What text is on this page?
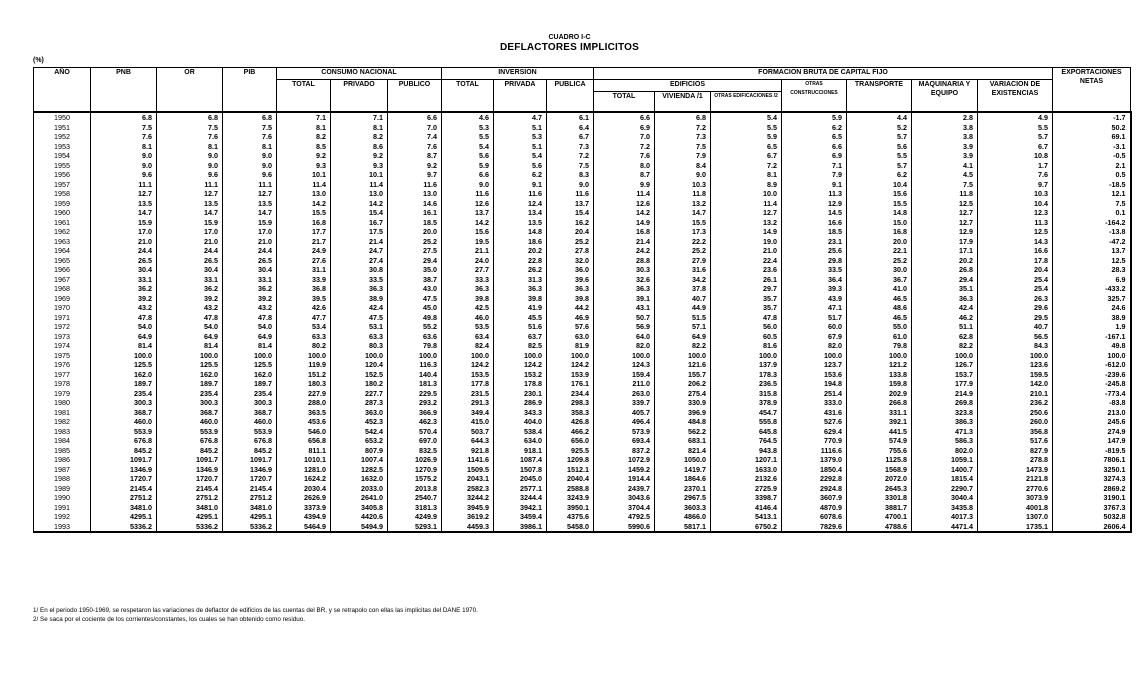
CUADRO I-C
DEFLACTORES IMPLICITOS
(%)
AÑO	PNB	OR	PIB	CONSUMO NACIONAL			INVERSION			FORMACION BRUTA DE CAPITAL FIJO							EXPORTACIONES NETAS
				TOTAL	PRIVADO	PUBLICO	TOTAL	PRIVADA	PUBLICA	EDIFICIOS			OTRAS CONSTRUCCIONES	TRANSPORTE	MAQUINARIA Y EQUIPO	VARIACION DE EXISTENCIAS	
										TOTAL	VIVIENDA /1	OTRAS EDIFICACIONES /2					
1950	6.8	6.8	6.8	7.1	7.1	6.6	4.6	4.7	6.1	6.6	6.8	5.4	5.9	4.4	2.8	4.9	-1.7
1951	7.5	7.5	7.5	8.1	8.1	7.0	5.3	5.1	6.4	6.9	7.2	5.5	6.2	5.2	3.8	5.5	50.2
1952	7.6	7.6	7.6	8.2	8.2	7.4	5.5	5.3	6.7	7.0	7.3	5.9	6.5	5.7	3.8	5.7	69.1
1953	8.1	8.1	8.1	8.5	8.6	7.6	5.4	5.1	7.3	7.2	7.5	6.5	6.6	5.6	3.9	6.7	-3.1
1954	9.0	9.0	9.0	9.2	9.2	8.7	5.6	5.4	7.2	7.6	7.9	6.7	6.9	5.5	3.9	10.8	-0.5
1955	9.0	9.0	9.0	9.3	9.3	9.2	5.9	5.6	7.5	8.0	8.4	7.2	7.1	5.7	4.1	1.7	2.1
1956	9.6	9.6	9.6	10.1	10.1	9.7	6.6	6.2	8.3	8.7	9.0	8.1	7.9	6.2	4.5	7.6	0.5
1957	11.1	11.1	11.1	11.4	11.4	11.6	9.0	9.1	9.0	9.9	10.3	8.9	9.1	10.4	7.5	9.7	-18.5
1958	12.7	12.7	12.7	13.0	13.0	13.0	11.6	11.6	11.6	11.4	11.8	10.0	11.3	15.6	11.8	10.3	12.1
1959	13.5	13.5	13.5	14.2	14.2	14.6	12.6	12.4	13.7	12.6	13.2	11.4	12.9	15.5	12.5	10.4	7.5
1960	14.7	14.7	14.7	15.5	15.4	16.1	13.7	13.4	15.4	14.2	14.7	12.7	14.5	14.8	12.7	12.3	0.1
1961	15.9	15.9	15.9	16.8	16.7	18.5	14.2	13.5	16.2	14.9	15.5	13.2	16.6	15.0	12.7	11.3	-164.2
1962	17.0	17.0	17.0	17.7	17.5	20.0	15.6	14.8	20.4	16.8	17.3	14.9	18.5	16.8	12.9	12.5	-13.8
1963	21.0	21.0	21.0	21.7	21.4	25.2	19.5	18.6	25.2	21.4	22.2	19.0	23.1	20.0	17.9	14.3	-47.2
1964	24.4	24.4	24.4	24.9	24.7	27.5	21.1	20.2	27.8	24.2	25.2	21.0	25.6	22.1	17.1	16.6	13.7
1965	26.5	26.5	26.5	27.6	27.4	29.4	24.0	22.8	32.0	28.8	27.9	22.4	29.8	25.2	20.2	17.8	12.5
1966	30.4	30.4	30.4	31.1	30.8	35.0	27.7	26.2	36.0	30.3	31.6	23.6	33.5	30.0	26.8	20.4	28.3
1967	33.1	33.1	33.1	33.9	33.5	38.7	33.3	31.3	39.6	32.6	34.2	26.1	36.4	36.7	29.4	25.4	6.9
1968	36.2	36.2	36.2	36.8	36.3	43.0	36.3	36.3	36.3	36.3	37.8	29.7	39.3	41.0	35.1	25.4	-433.2
1969	39.2	39.2	39.2	39.5	38.9	47.5	39.8	39.8	39.8	39.1	40.7	35.7	43.9	46.5	36.3	26.3	325.7
1970	43.2	43.2	43.2	42.6	42.4	45.0	42.5	41.9	44.2	43.1	44.9	35.7	47.1	48.6	42.4	29.6	24.6
1971	47.8	47.8	47.8	47.7	47.5	49.8	46.0	45.5	46.9	50.7	51.5	47.8	51.7	46.5	46.2	29.5	38.9
1972	54.0	54.0	54.0	53.4	53.1	55.2	53.5	51.6	57.6	56.9	57.1	56.0	60.0	55.0	51.1	40.7	1.9
1973	64.9	64.9	64.9	63.3	63.3	63.6	63.4	63.7	63.0	64.0	64.9	60.5	67.9	61.0	62.8	56.5	-167.1
1974	81.4	81.4	81.4	80.2	80.3	79.8	82.4	82.5	81.9	82.0	82.2	81.6	82.0	79.8	82.2	84.3	49.8
1975	100.0	100.0	100.0	100.0	100.0	100.0	100.0	100.0	100.0	100.0	100.0	100.0	100.0	100.0	100.0	100.0	100.0
1976	125.5	125.5	125.5	119.9	120.4	116.3	124.2	124.2	124.2	124.3	121.6	137.9	123.7	121.2	126.7	123.6	-612.0
1977	162.0	162.0	162.0	151.2	152.5	140.4	153.5	153.2	153.9	159.4	155.7	178.3	153.6	133.8	153.7	159.5	-239.6
1978	189.7	189.7	189.7	180.3	180.2	181.3	177.8	178.8	176.1	211.0	206.2	236.5	194.8	159.8	177.9	142.0	-245.8
1979	235.4	235.4	235.4	227.9	227.7	229.5	231.5	230.1	234.4	263.0	275.4	315.8	251.4	202.9	214.9	210.1	-773.4
1980	300.3	300.3	300.3	288.0	287.3	293.2	291.3	286.9	298.3	339.7	330.9	378.9	333.0	266.8	269.8	236.2	-83.8
1981	368.7	368.7	368.7	363.5	363.0	366.9	349.4	343.3	358.3	405.7	396.9	454.7	431.6	331.1	323.8	250.6	213.0
1982	460.0	460.0	460.0	453.6	452.3	462.3	415.0	404.0	426.8	496.4	484.8	555.8	527.6	392.1	386.3	260.0	245.6
1983	553.9	553.9	553.9	546.0	542.4	570.4	503.7	538.4	466.2	573.9	562.2	645.8	629.4	441.5	471.3	356.8	274.9
1984	676.8	676.8	676.8	656.8	653.2	697.0	644.3	634.0	656.0	693.4	683.1	764.5	770.9	574.9	586.3	517.6	147.9
1985	845.2	845.2	845.2	811.1	807.9	832.5	921.8	918.1	925.5	837.2	821.4	943.8	1116.6	755.6	802.0	827.9	-819.5
1986	1091.7	1091.7	1091.7	1010.1	1007.4	1026.9	1141.6	1087.4	1209.8	1072.9	1050.0	1207.1	1379.0	1125.8	1059.1	278.8	7806.1
1987	1346.9	1346.9	1346.9	1281.0	1282.5	1270.9	1509.5	1507.8	1512.1	1459.2	1419.7	1633.0	1850.4	1568.9	1400.7	1473.9	3250.1
1988	1720.7	1720.7	1720.7	1624.2	1632.0	1575.2	2043.1	2045.0	2040.4	1914.4	1864.6	2132.6	2292.8	2072.0	1815.4	2121.8	3274.3
1989	2145.4	2145.4	2145.4	2030.4	2033.0	2013.8	2582.3	2577.1	2588.8	2439.7	2370.1	2725.9	2924.8	2645.3	2290.7	2770.6	2869.2
1990	2751.2	2751.2	2751.2	2626.9	2641.0	2540.7	3244.2	3244.4	3243.9	3043.6	2967.5	3398.7	3607.9	3301.8	3040.4	3073.9	3190.1
1991	3481.0	3481.0	3481.0	3373.9	3405.8	3181.3	3945.9	3942.1	3950.1	3704.4	3603.3	4146.4	4870.9	3881.7	3435.8	4001.8	3767.3
1992	4295.1	4295.1	4295.1	4394.9	4420.6	4249.9	3619.2	3459.4	4375.6	4792.5	4866.0	5413.1	6078.6	4700.1	4017.3	1307.0	5032.8
1993	5336.2	5336.2	5336.2	5464.9	5494.9	5293.1	4459.3	3986.1	5458.0	5990.6	5817.1	6750.2	7829.6	4788.6	4471.4	1735.1	2606.4
1/ En el periodo 1950-1969, se respetaron las variaciones de deflactor de edificios de las cuentas del BR, y se retrapolo con ellas las implicitas del DANE 1970.
2/ Se saca por el cociente de los corrientes/constantes, los cuales se han obtenido como residuo.
